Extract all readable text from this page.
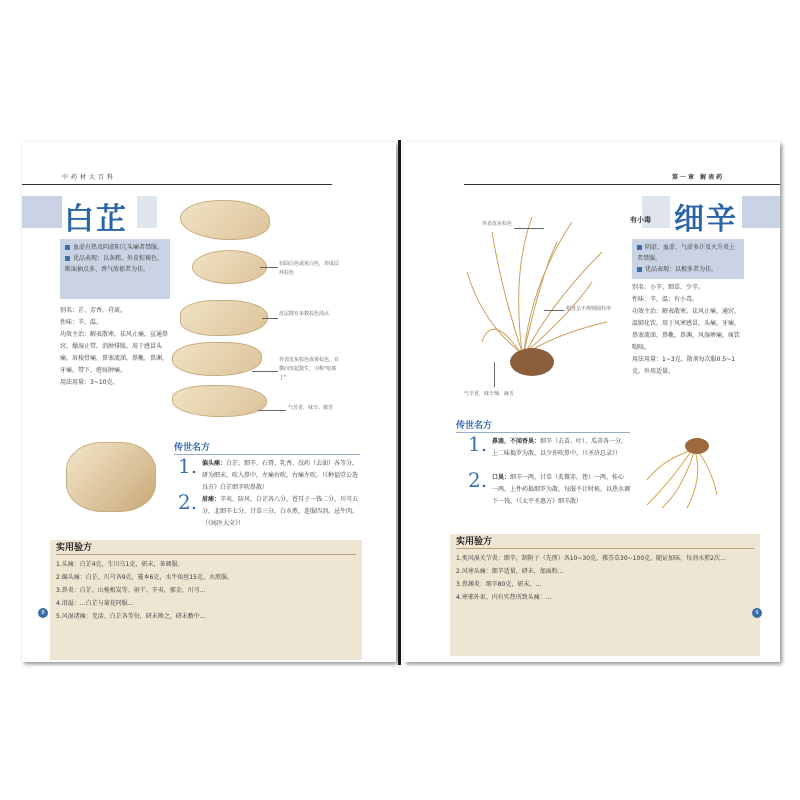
中药材大百科
白芷
血虚有热及阴虚阳亢头痛者禁服。
优品表现：以条粗、外皮棕褐色、断面抽点多、香气浓郁者为佳。
别名：芷、芳香、苻蓠。
性味：辛，温。
功效主治：解表散寒，祛风止痛，宣通鼻窍，燥湿止带，消肿排脓。用于感冒头痛，眉棱骨痛，鼻塞流涕，鼻鼽，鼻渊，牙痛，带下，疮疡肿痛。
用法用量：3~10克。
切面白色或灰白色，形成层环棕色
皮层散有多数棕色油点
外表皮灰棕色或黄棕色，有横向突起散生，习称"疙瘩丁"
气芳香，味辛、微苦
传世名方
1. 偏头痛：白芷、细辛、石膏、乳香、没药（去油）各等分，研为细末，吹入鼻中，左痛右吹，右痛左吹。（《种福堂公选良方》白芷细辛吹鼻散）
2. 眉痛：辛夷、防风、白芷各八分，苍耳子一钱二分，川芎五分，北细辛七分，甘草三分，白水煎，连服四剂。忌牛肉。（《疡医大全》）
实用验方
1.头痛：白芷4克，生川乌1克，研末，茶调服。
2.偏头痛：白芷、川芎各9克，蔓本6克，水牛角丝15克，水煎服。
3.鼻炎：白芷、山栀根炭等、射干、辛夷、郁金、川芎…
4.泪溢：…白芷与菊花同服…
5.风湿诸痛：羌活、白芷各等份，研末掺之，研末敷中…
8
第一章 解表药
细辛
有小毒
阴虚、血虚、气虚多汗及火升炎上者禁服。
优品表现：以根多者为佳。
别名：小辛、细草、少辛。
性味：辛，温；有小毒。
功效主治：解表散寒，祛风止痛，通窍，温肺化饮。用于风寒感冒，头痛，牙痛，鼻塞流涕，鼻鼽，鼻渊，风湿痹痛，痰饮喘咳。
用法用量：1~3克。散剂每次服0.5~1克。外用适量。
外表皮灰棕色
根茎呈不规则圆柱形
气辛香，味辛辣，麻舌
传世名方
1. 鼻塞，不闻香臭：细辛（去苗、叶）、瓜蒂各一分，上二味捣罗为散，以少许吹鼻中。（《圣济总录》）
2. 口臭：细辛一两，甘草（炙微赤，锉）一两，桂心一两，上件药捣细罗为散，每服不计时候，以热水调下一钱。（《太平圣惠方》细辛散）
实用验方
1.类风湿关节炎：细辛，制附子（先煎）各10~30克，豨莶草30~100克，随证加味，每剂水煎2次…
2.风寒头痛：细辛适量，研末，加面粉…
3.鼻渊炎：细辛80克，研末，…
4.寒邪外束、内有实热所致头痛：…
9
